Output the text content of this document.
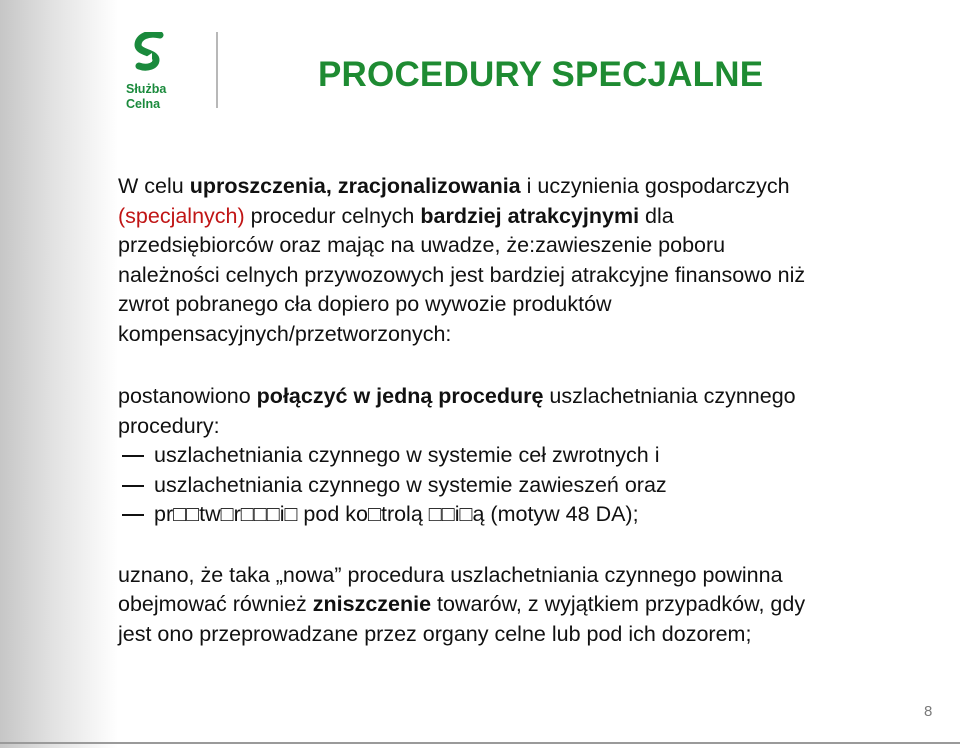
Służba
Celna
PROCEDURY SPECJALNE

W celu uproszczenia, zracjonalizowania i uczynienia gospodarczych
(specjalnych) procedur celnych bardziej atrakcyjnymi dla
przedsiębiorców oraz mając na uwadze, że:zawieszenie poboru
należności celnych przywozowych jest bardziej atrakcyjne finansowo niż
zwrot pobranego cła dopiero po wywozie produktów
kompensacyjnych/przetworzonych:

postanowiono połączyć w jedną procedurę uszlachetniania czynnego
procedury:
uszlachetniania czynnego w systemie ceł zwrotnych i
uszlachetniania czynnego w systemie zawieszeń oraz
pr□□tw□r□□□i□ pod ko□trolą □□i□ą (motyw 48 DA);

uznano, że taka „nowa” procedura uszlachetniania czynnego powinna
obejmować również zniszczenie towarów, z wyjątkiem przypadków, gdy
jest ono przeprowadzane przez organy celne lub pod ich dozorem;

8
